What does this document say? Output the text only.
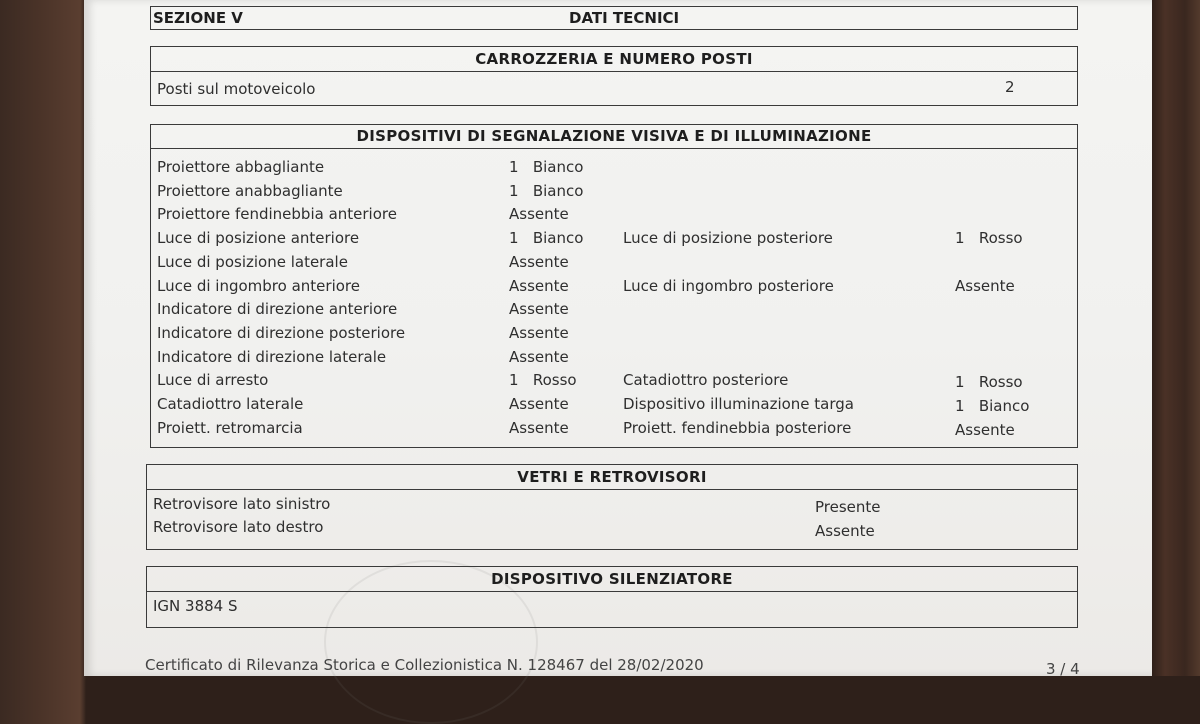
SEZIONE V	DATI TECNICI
CARROZZERIA E NUMERO POSTI
Posti sul motoveicolo	2
DISPOSITIVI DI SEGNALAZIONE VISIVA E DI ILLUMINAZIONE
Proiettore abbagliante	1   Bianco
Proiettore anabbagliante	1   Bianco
Proiettore fendinebbia anteriore	Assente
Luce di posizione anteriore	1   Bianco	Luce di posizione posteriore	1   Rosso
Luce di posizione laterale	Assente
Luce di ingombro anteriore	Assente	Luce di ingombro posteriore	Assente
Indicatore di direzione anteriore	Assente
Indicatore di direzione posteriore	Assente
Indicatore di direzione laterale	Assente
Luce di arresto	1   Rosso	Catadiottro posteriore	1   Rosso
Catadiottro laterale	Assente	Dispositivo illuminazione targa	1   Bianco
Proiett. retromarcia	Assente	Proiett. fendinebbia posteriore	Assente
VETRI E RETROVISORI
Retrovisore lato sinistro	Presente
Retrovisore lato destro	Assente
DISPOSITIVO SILENZIATORE
IGN 3884 S
Certificato di Rilevanza Storica e Collezionistica N. 128467 del 28/02/2020	3 / 4
